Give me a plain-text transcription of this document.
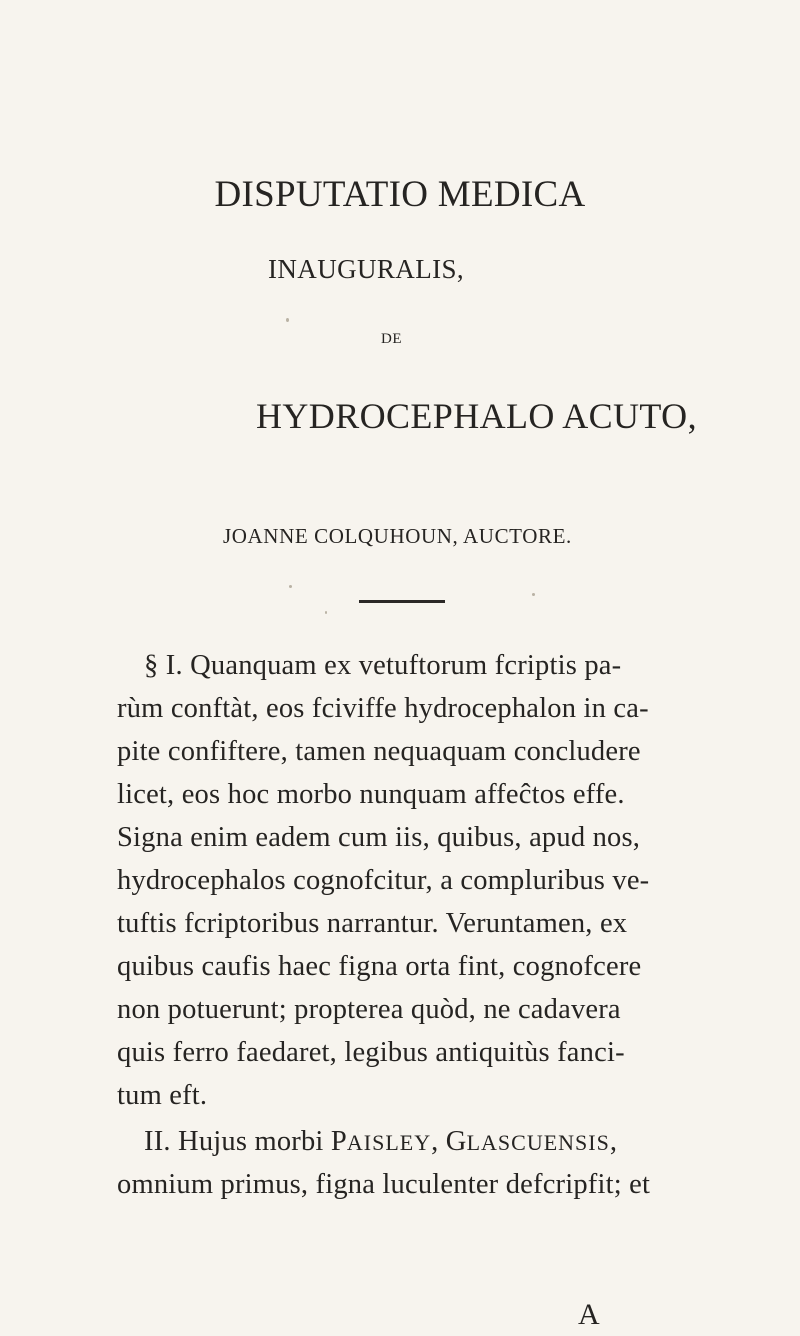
DISPUTATIO MEDICA

INAUGURALIS,

DE

HYDROCEPHALO ACUTO,

JOANNE COLQUHOUN, AUCTORE.

§ I. Quanquam ex vetuftorum fcriptis pa-

rùm conftàt, eos fciviffe hydrocephalon in ca-

pite confiftere, tamen nequaquam concludere

licet, eos hoc morbo nunquam affeĉtos effe.

Signa enim eadem cum iis, quibus, apud nos,

hydrocephalos cognofcitur, a compluribus ve-

tuftis fcriptoribus narrantur. Veruntamen, ex

quibus caufis haec figna orta fint, cognofcere

non potuerunt; propterea quòd, ne cadavera

quis ferro faedaret, legibus antiquitùs fanci-

tum eft.

II. Hujus morbi PAISLEY, GLASCUENSIS,

omnium primus, figna luculenter defcripfit; et

A
